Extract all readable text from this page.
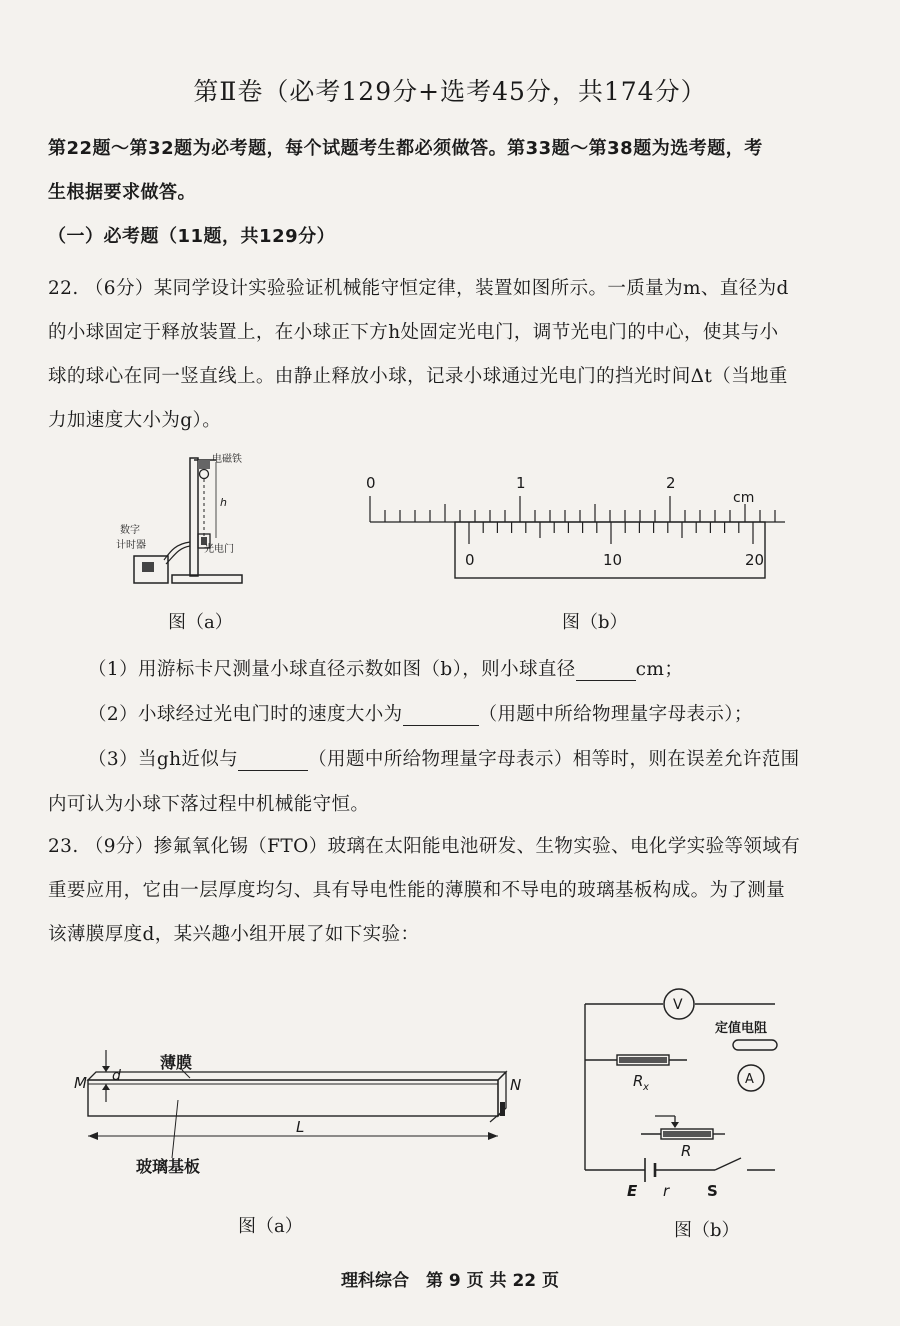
第Ⅱ卷（必考129分+选考45分，共174分）
第22题～第32题为必考题，每个试题考生都必须做答。第33题～第38题为选考题，考
生根据要求做答。
（一）必考题（11题，共129分）
22. （6分）某同学设计实验验证机械能守恒定律，装置如图所示。一质量为m、直径为d
的小球固定于释放装置上，在小球正下方h处固定光电门，调节光电门的中心，使其与小
球的球心在同一竖直线上。由静止释放小球，记录小球通过光电门的挡光时间Δt（当地重
力加速度大小为g）。
h
电磁铁
数字
计时器	光电门
图（a）
0	1	2
0	10	20
cm
图（b）
（1）用游标卡尺测量小球直径示数如图（b），则小球直径	cm；
（2）小球经过光电门时的速度大小为	（用题中所给物理量字母表示）；
（3）当gh近似与	（用题中所给物理量字母表示）相等时，则在误差允许范围
内可认为小球下落过程中机械能守恒。
23. （9分）掺氟氧化锡（FTO）玻璃在太阳能电池研发、生物实验、电化学实验等领域有
重要应用，它由一层厚度均匀、具有导电性能的薄膜和不导电的玻璃基板构成。为了测量
该薄膜厚度d，某兴趣小组开展了如下实验：
薄膜
M d	N
L
玻璃基板
图（a）
V
定值电阻
R x
A
R
E r	S
图（b）
理科综合　第 9 页 共 22 页
